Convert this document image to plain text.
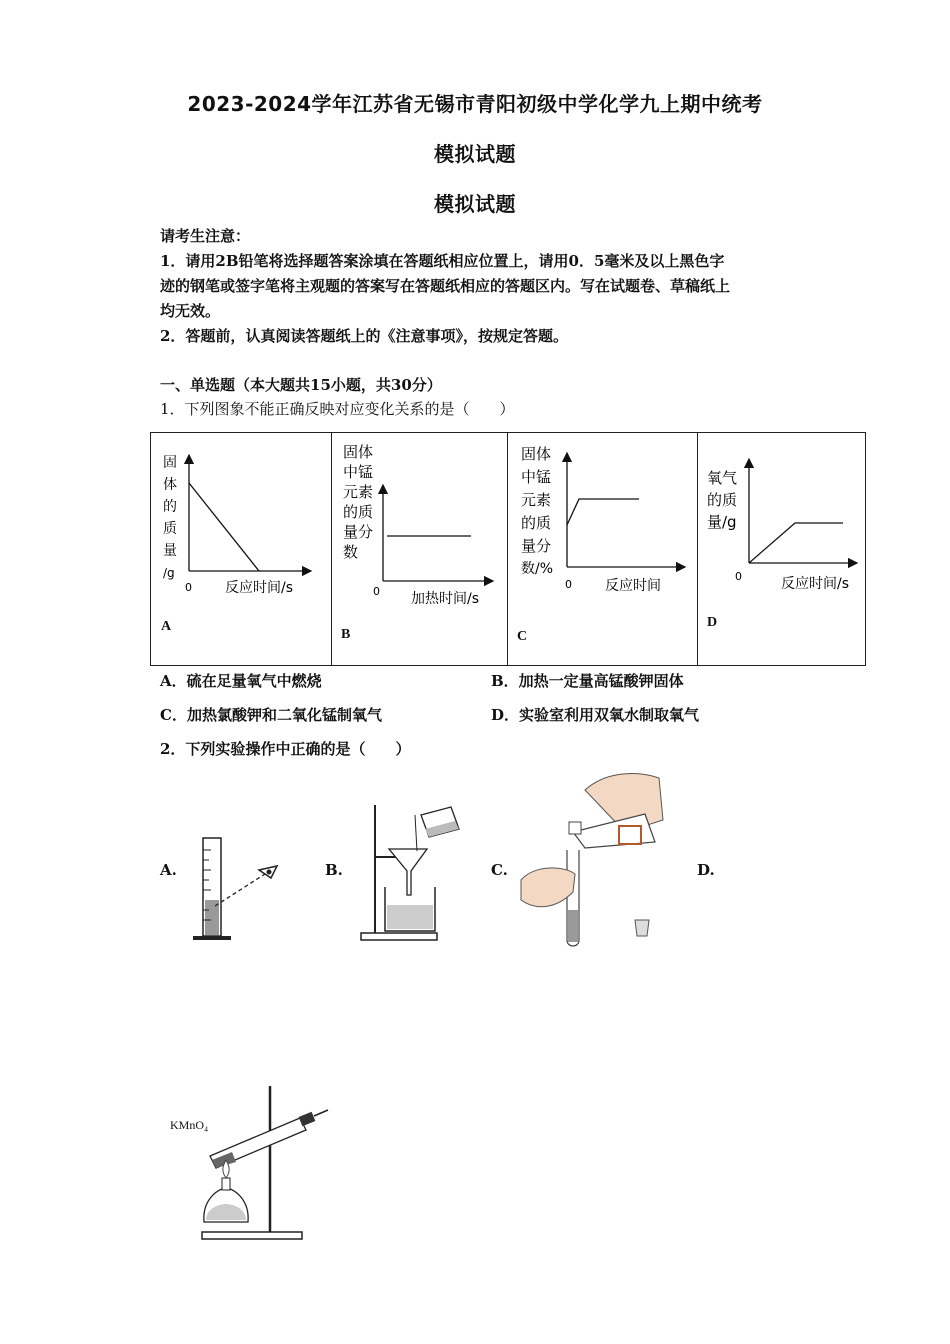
2023-2024学年江苏省无锡市青阳初级中学化学九上期中统考
模拟试题
模拟试题
请考生注意：
1．请用2B铅笔将选择题答案涂填在答题纸相应位置上，请用0．5毫米及以上黑色字
迹的钢笔或签字笔将主观题的答案写在答题纸相应的答题区内。写在试题卷、草稿纸上
均无效。
2．答题前，认真阅读答题纸上的《注意事项》，按规定答题。
一、单选题（本大题共15小题，共30分）
1．下列图象不能正确反映对应变化关系的是（　　）
固
体
的
质
量
/g
0 反应时间/s
A
固体
中锰
元素
的质
量分
数
0 加热时间/s
B
固体
中锰
元素
的质
量分
数/%
0 反应时间
C
氧气
的质
量/g
0	反应时间/s
D
A．硫在足量氧气中燃烧	B．加热一定量高锰酸钾固体
C．加热氯酸钾和二氧化锰制氧气	D．实验室利用双氧水制取氧气
2．下列实验操作中正确的是（　　）
A.	B.	C.	D.
KMnO₄
